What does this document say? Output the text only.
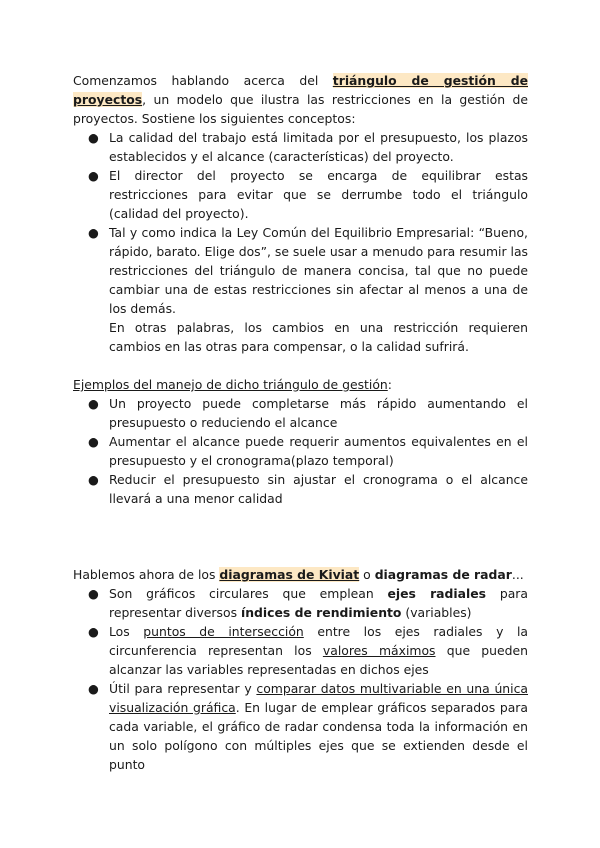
Comenzamos hablando acerca del triángulo de gestión de proyectos, un modelo que ilustra las restricciones en la gestión de proyectos. Sostiene los siguientes conceptos:

● La calidad del trabajo está limitada por el presupuesto, los plazos establecidos y el alcance (características) del proyecto.
● El director del proyecto se encarga de equilibrar estas restricciones para evitar que se derrumbe todo el triángulo (calidad del proyecto).
● Tal y como indica la Ley Común del Equilibrio Empresarial: “Bueno, rápido, barato. Elige dos”, se suele usar a menudo para resumir las restricciones del triángulo de manera concisa, tal que no puede cambiar una de estas restricciones sin afectar al menos a una de los demás.
En otras palabras, los cambios en una restricción requieren cambios en las otras para compensar, o la calidad sufrirá.

Ejemplos del manejo de dicho triángulo de gestión:

● Un proyecto puede completarse más rápido aumentando el presupuesto o reduciendo el alcance
● Aumentar el alcance puede requerir aumentos equivalentes en el presupuesto y el cronograma(plazo temporal)
● Reducir el presupuesto sin ajustar el cronograma o el alcance llevará a una menor calidad

Hablemos ahora de los diagramas de Kiviat o diagramas de radar...

● Son gráficos circulares que emplean ejes radiales para representar diversos índices de rendimiento (variables)
● Los puntos de intersección entre los ejes radiales y la circunferencia representan los valores máximos que pueden alcanzar las variables representadas en dichos ejes
● Útil para representar y comparar datos multivariable en una única visualización gráfica. En lugar de emplear gráficos separados para cada variable, el gráfico de radar condensa toda la información en un solo polígono con múltiples ejes que se extienden desde el punto
